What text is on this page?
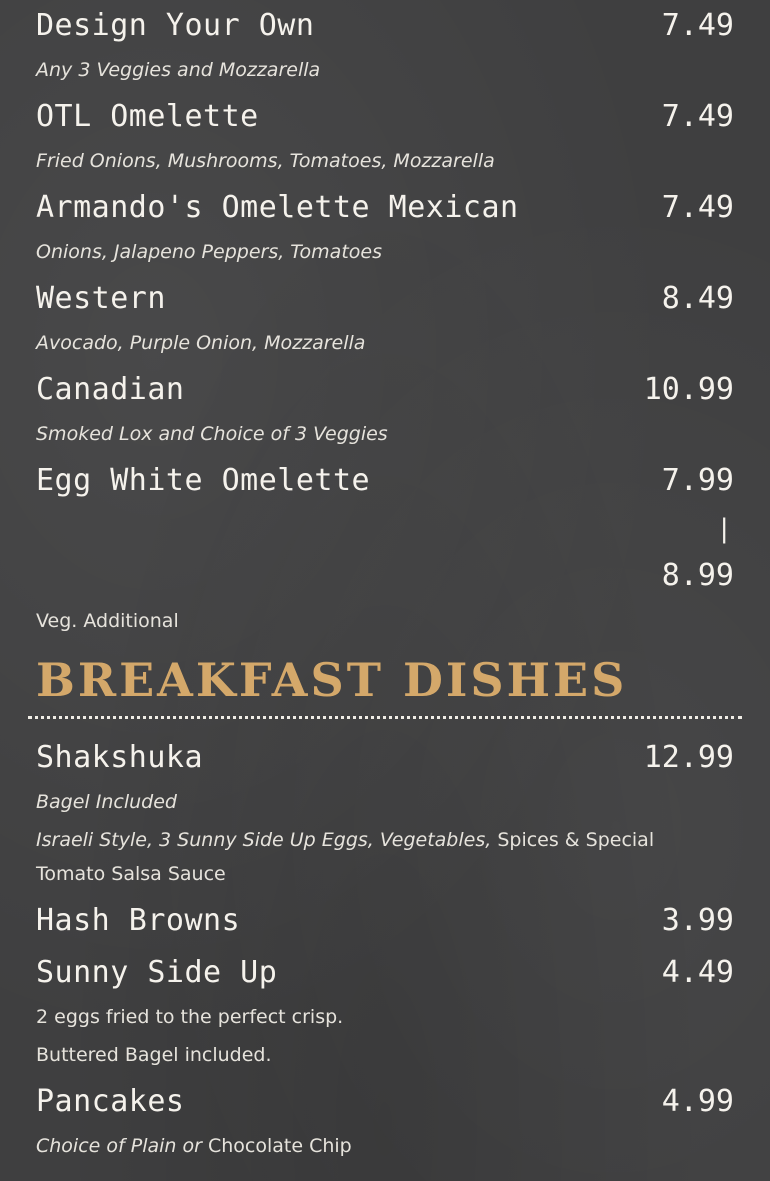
Design Your Own	7.49
Any 3 Veggies and Mozzarella
OTL Omelette	7.49
Fried Onions, Mushrooms, Tomatoes, Mozzarella
Armando's Omelette Mexican	7.49
Onions, Jalapeno Peppers, Tomatoes
Western	8.49
Avocado, Purple Onion, Mozzarella
Canadian	10.99
Smoked Lox and Choice of 3 Veggies
Egg White Omelette	7.99
|
8.99
Veg. Additional
BREAKFAST DISHES
Shakshuka	12.99
Bagel Included
Israeli Style, 3 Sunny Side Up Eggs, Vegetables, Spices & Special
Tomato Salsa Sauce
Hash Browns	3.99
Sunny Side Up	4.49
2 eggs fried to the perfect crisp.
Buttered Bagel included.
Pancakes	4.99
Choice of Plain or Chocolate Chip
